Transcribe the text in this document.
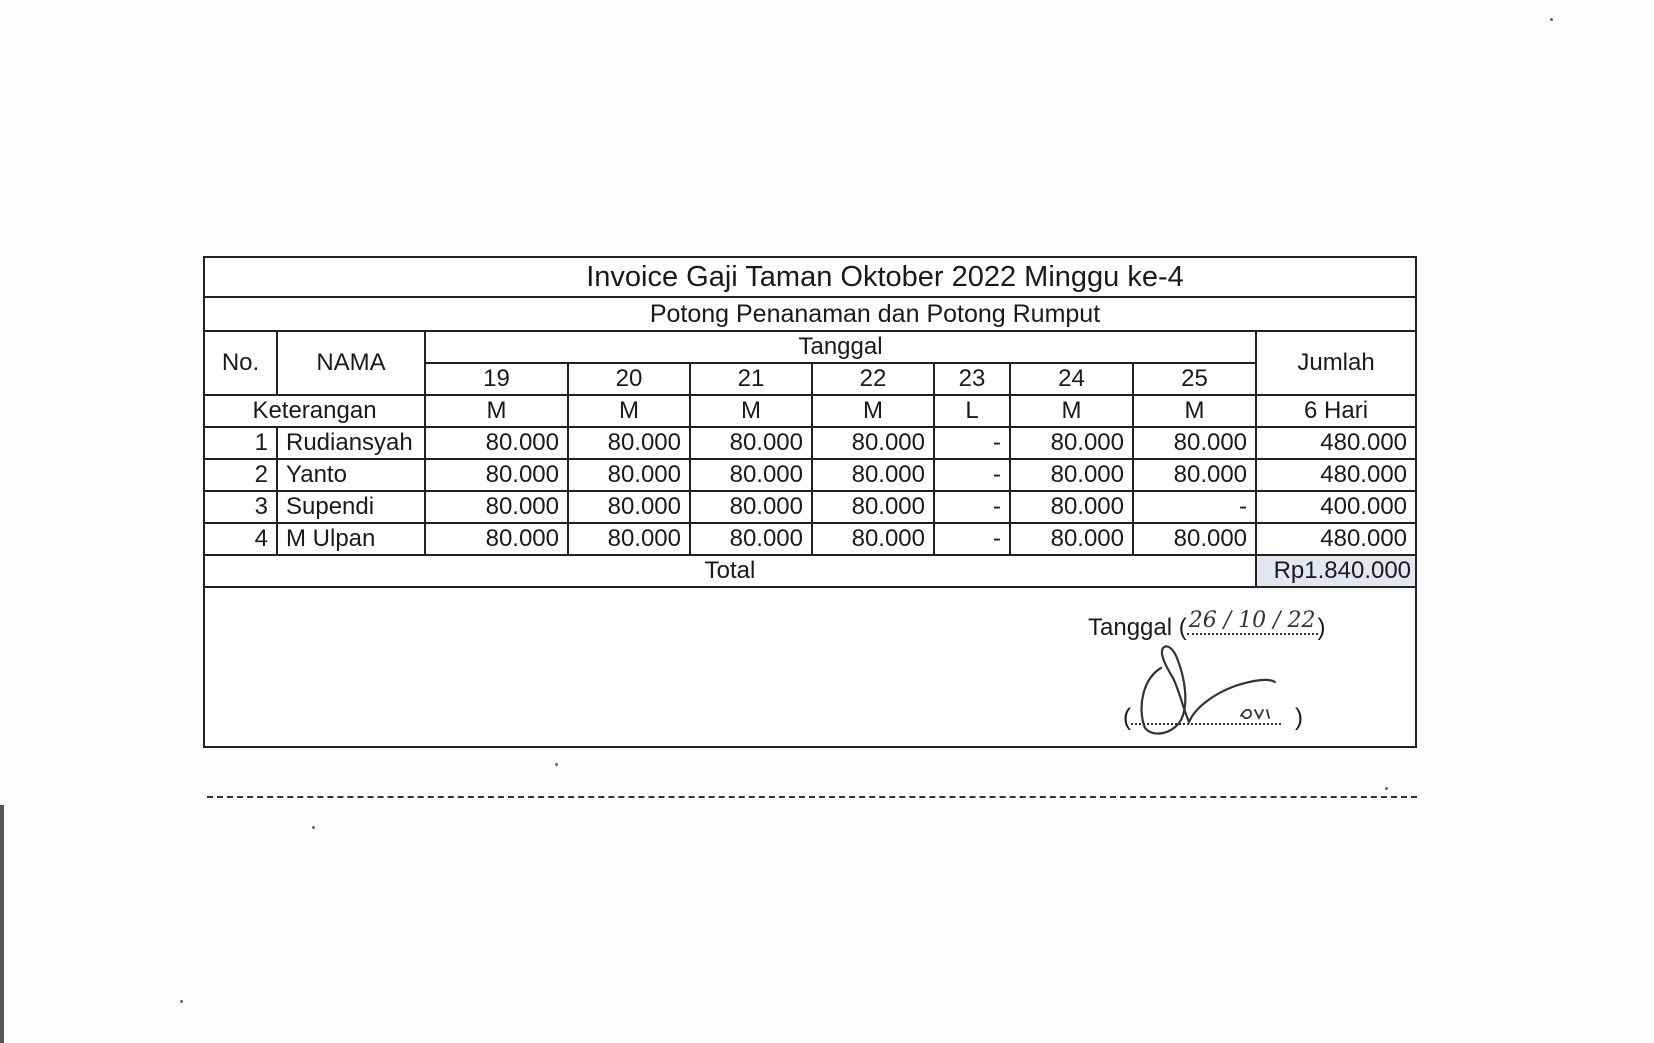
Invoice Gaji Taman Oktober 2022 Minggu ke-4
Potong Penanaman dan Potong Rumput
No.	NAMA	Tanggal							Jumlah
		19	20	21	22	23	24	25	
Keterangan		M	M	M	M	L	M	M	6 Hari
1	Rudiansyah	80.000	80.000	80.000	80.000	-	80.000	80.000	480.000
2	Yanto	80.000	80.000	80.000	80.000	-	80.000	80.000	480.000
3	Supendi	80.000	80.000	80.000	80.000	-	80.000	-	400.000
4	M Ulpan	80.000	80.000	80.000	80.000	-	80.000	80.000	480.000
Total									Rp1.840.000
Tanggal ( 26 / 10 / 22 )
(	)
